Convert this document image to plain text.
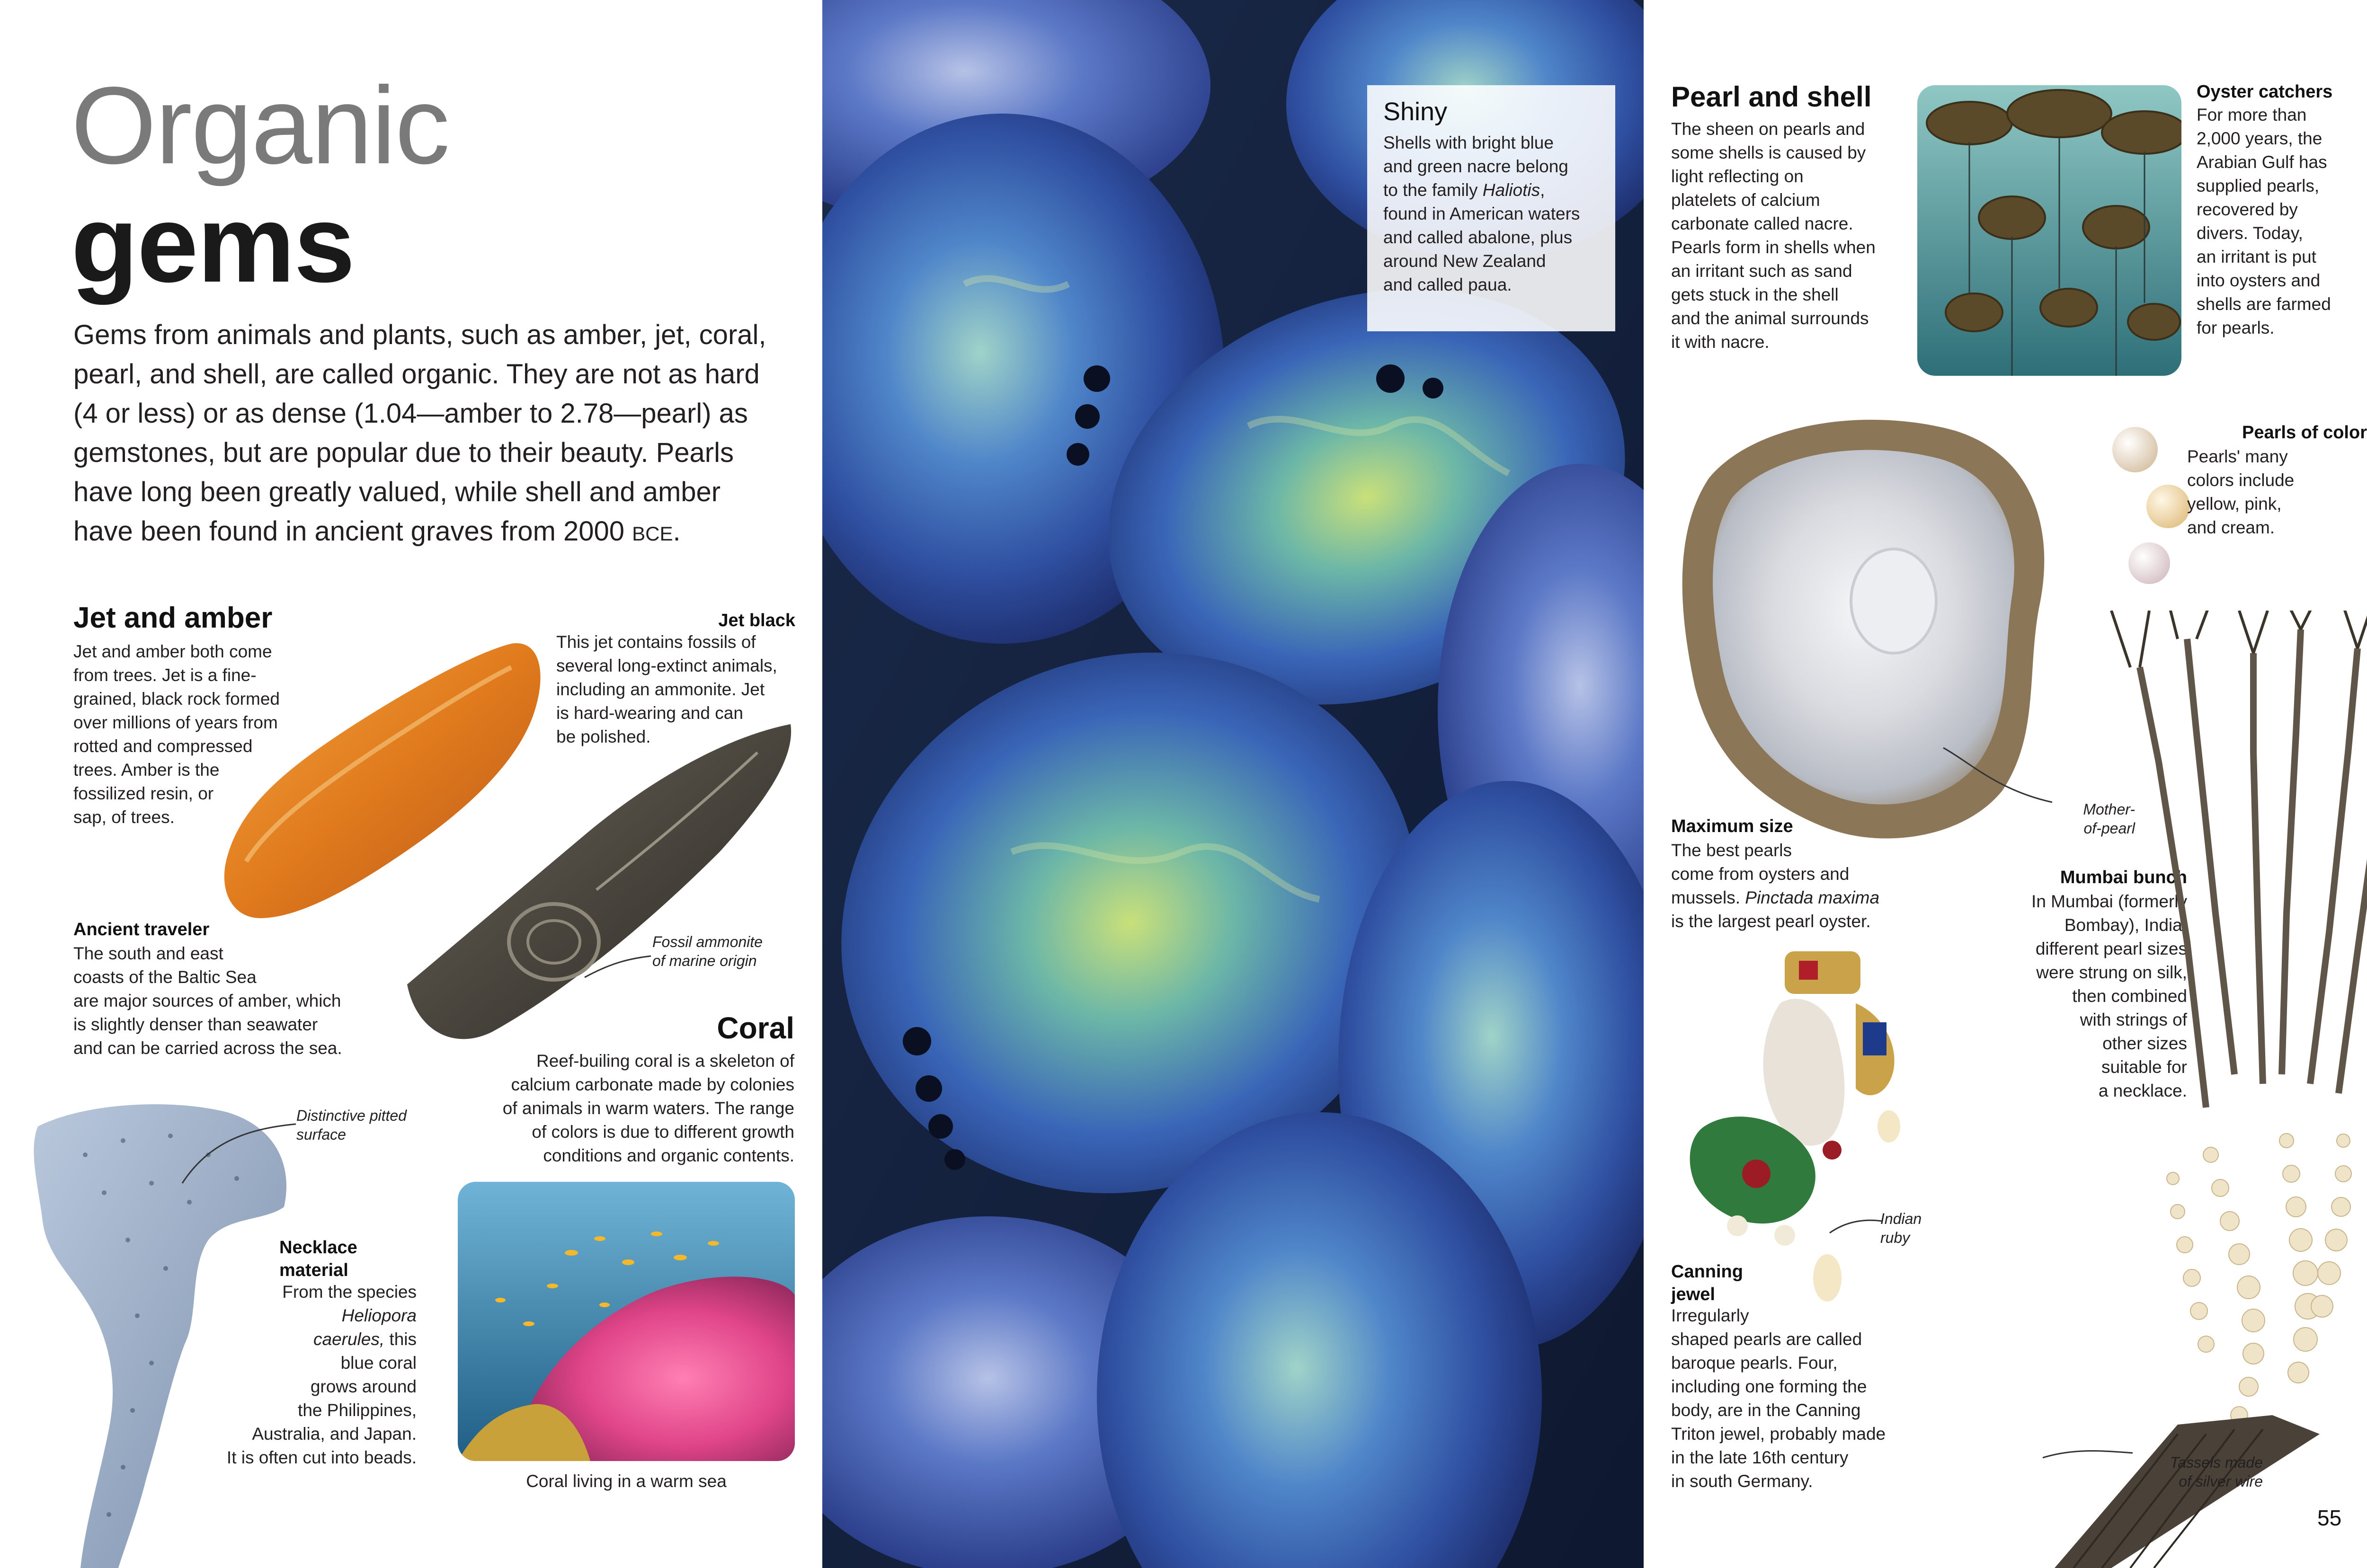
Organic
gems
Gems from animals and plants, such as amber, jet, coral, pearl, and shell, are called organic. They are not as hard (4 or less) or as dense (1.04—amber to 2.78—pearl) as gemstones, but are popular due to their beauty. Pearls have long been greatly valued, while shell and amber have been found in ancient graves from 2000 BCE.
Jet and amber
Jet and amber both come
from trees. Jet is a fine-
grained, black rock formed
over millions of years from
rotted and compressed
trees. Amber is the
fossilized resin, or
sap, of trees.
Jet black
This jet contains fossils of
several long-extinct animals,
including an ammonite. Jet
is hard-wearing and can
be polished.
Ancient traveler
The south and east
coasts of the Baltic Sea
are major sources of amber, which
is slightly denser than seawater
and can be carried across the sea.
Fossil ammonite
of marine origin
Coral
Reef-builing coral is a skeleton of
calcium carbonate made by colonies
of animals in warm waters. The range
of colors is due to different growth
conditions and organic contents.
Coral living in a warm sea
Distinctive pitted
surface
Necklace
material
From the species
Heliopora
caerules, this
blue coral
grows around
the Philippines,
Australia, and Japan.
It is often cut into beads.
Shiny
Shells with bright blue
and green nacre belong
to the family Haliotis,
found in American waters
and called abalone, plus
around New Zealand
and called paua.
Pearl and shell
The sheen on pearls and
some shells is caused by
light reflecting on
platelets of calcium
carbonate called nacre.
Pearls form in shells when
an irritant such as sand
gets stuck in the shell
and the animal surrounds
it with nacre.
Oyster catchers
For more than
2,000 years, the
Arabian Gulf has
supplied pearls,
recovered by
divers. Today,
an irritant is put
into oysters and
shells are farmed
for pearls.
Pearls of color
Pearls' many
colors include
yellow, pink,
and cream.
Mother-
of-pearl
Maximum size
The best pearls
come from oysters and
mussels. Pinctada maxima
is the largest pearl oyster.
Mumbai bunch
In Mumbai (formerly
Bombay), India,
different pearl sizes
were strung on silk,
then combined
with strings of
other sizes
suitable for
a necklace.
Indian
ruby
Canning
jewel
Irregularly
shaped pearls are called
baroque pearls. Four,
including one forming the
body, are in the Canning
Triton jewel, probably made
in the late 16th century
in south Germany.
Tassels made
of silver wire
55
